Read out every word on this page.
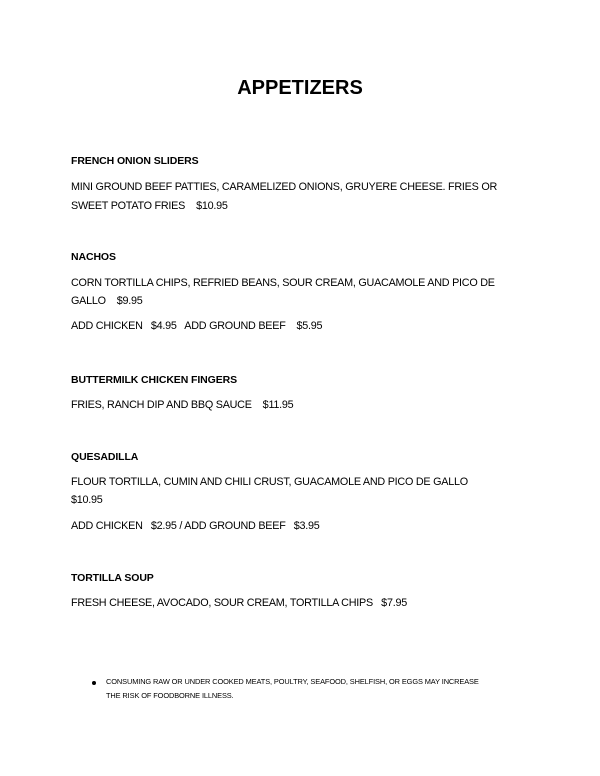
APPETIZERS
FRENCH ONION SLIDERS
MINI GROUND BEEF PATTIES, CARAMELIZED ONIONS, GRUYERE CHEESE. FRIES OR
SWEET POTATO FRIES    $10.95
NACHOS
CORN TORTILLA CHIPS, REFRIED BEANS, SOUR CREAM, GUACAMOLE AND PICO DE
GALLO    $9.95
ADD CHICKEN   $4.95   ADD GROUND BEEF    $5.95
BUTTERMILK CHICKEN FINGERS
FRIES, RANCH DIP AND BBQ SAUCE    $11.95
QUESADILLA
FLOUR TORTILLA, CUMIN AND CHILI CRUST, GUACAMOLE AND PICO DE GALLO
$10.95
ADD CHICKEN   $2.95 / ADD GROUND BEEF   $3.95
TORTILLA SOUP
FRESH CHEESE, AVOCADO, SOUR CREAM, TORTILLA CHIPS   $7.95
CONSUMING RAW OR UNDER COOKED MEATS, POULTRY, SEAFOOD, SHELFISH, OR EGGS MAY INCREASE
THE RISK OF FOODBORNE ILLNESS.
